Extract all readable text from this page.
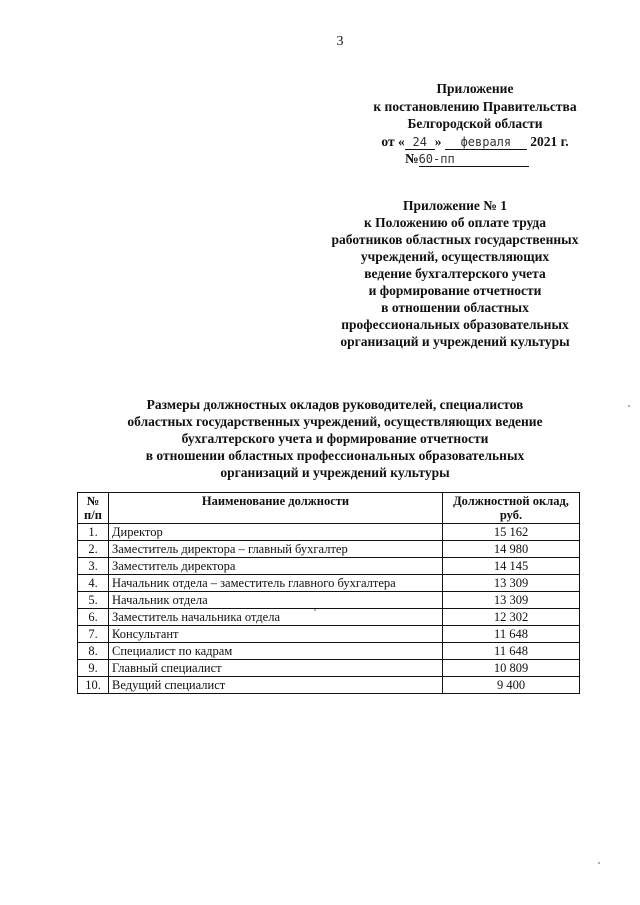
3
Приложение
к постановлению Правительства
Белгородской области
от « 24 » февраля 2021 г.
№60-пп
Приложение № 1
к Положению об оплате труда
работников областных государственных
учреждений, осуществляющих
ведение бухгалтерского учета
и формирование отчетности
в отношении областных
профессиональных образовательных
организаций и учреждений культуры
Размеры должностных окладов руководителей, специалистов
областных государственных учреждений, осуществляющих ведение
бухгалтерского учета и формирование отчетности
в отношении областных профессиональных образовательных
организаций и учреждений культуры
№ п/п	Наименование должности	Должностной оклад, руб.
1.	Директор	15 162
2.	Заместитель директора – главный бухгалтер	14 980
3.	Заместитель директора	14 145
4.	Начальник отдела – заместитель главного бухгалтера	13 309
5.	Начальник отдела	13 309
6.	Заместитель начальника отдела	12 302
7.	Консультант	11 648
8.	Специалист по кадрам	11 648
9.	Главный специалист	10 809
10.	Ведущий специалист	9 400
